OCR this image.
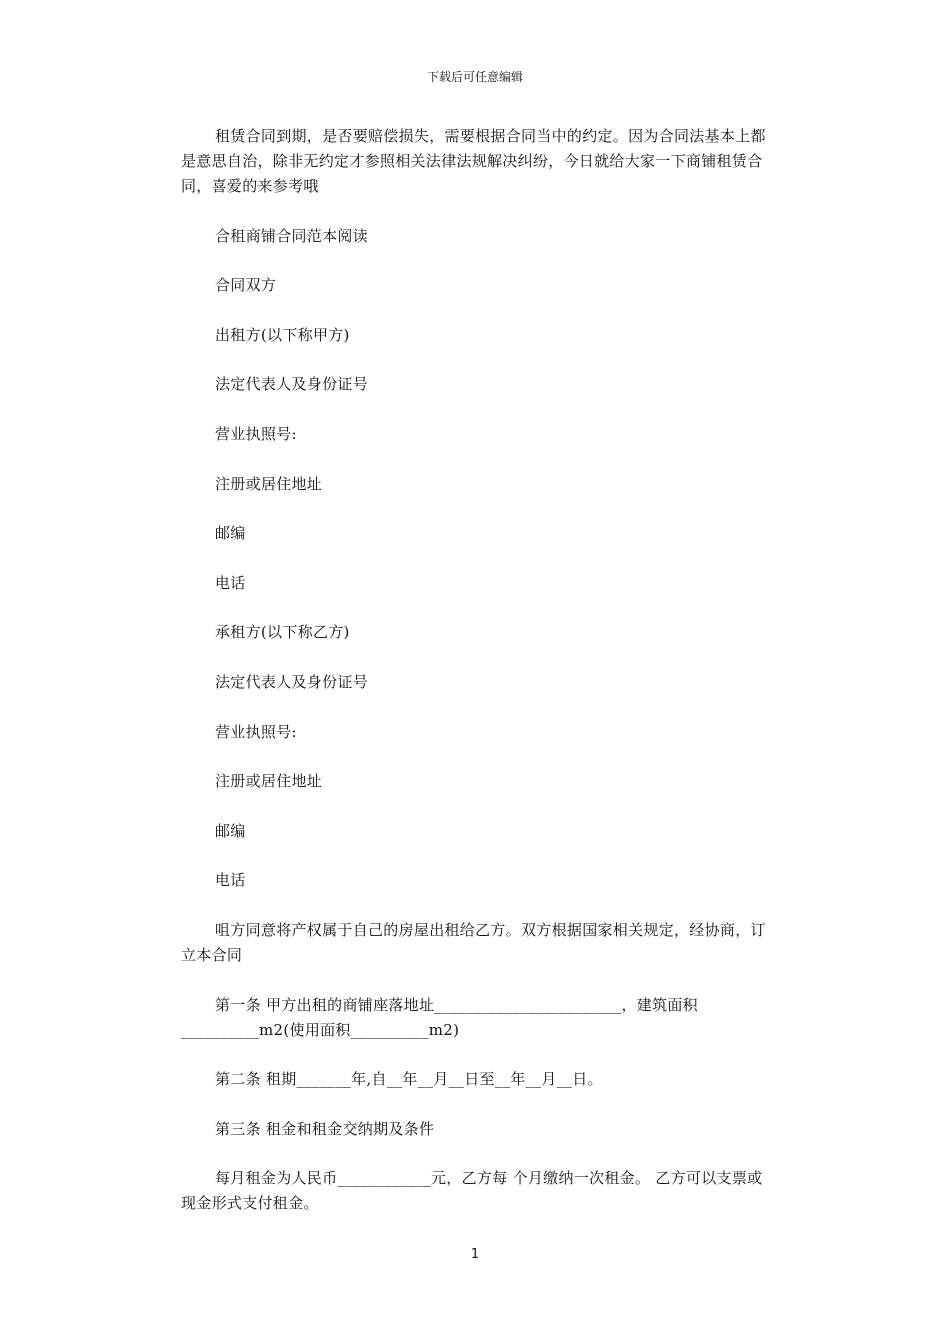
下载后可任意编辑

租赁合同到期，是否要赔偿损失，需要根据合同当中的约定。因为合同法基本上都是意思自治，除非无约定才参照相关法律法规解决纠纷，今日就给大家一下商铺租赁合同，喜爱的来参考哦

合租商铺合同范本阅读

合同双方

出租方(以下称甲方)

法定代表人及身份证号

营业执照号:

注册或居住地址

邮编

电话

承租方(以下称乙方)

法定代表人及身份证号

营业执照号:

注册或居住地址

邮编

电话

咀方同意将产权属于自己的房屋出租给乙方。双方根据国家相关规定，经协商，订立本合同

第一条 甲方出租的商铺座落地址________________________，建筑面积__________m2(使用面积__________m2)

第二条 租期_______年,自__年__月__日至__年__月__日。

第三条 租金和租金交纳期及条件

每月租金为人民币____________元，乙方每 个月缴纳一次租金。 乙方可以支票或现金形式支付租金。

1
